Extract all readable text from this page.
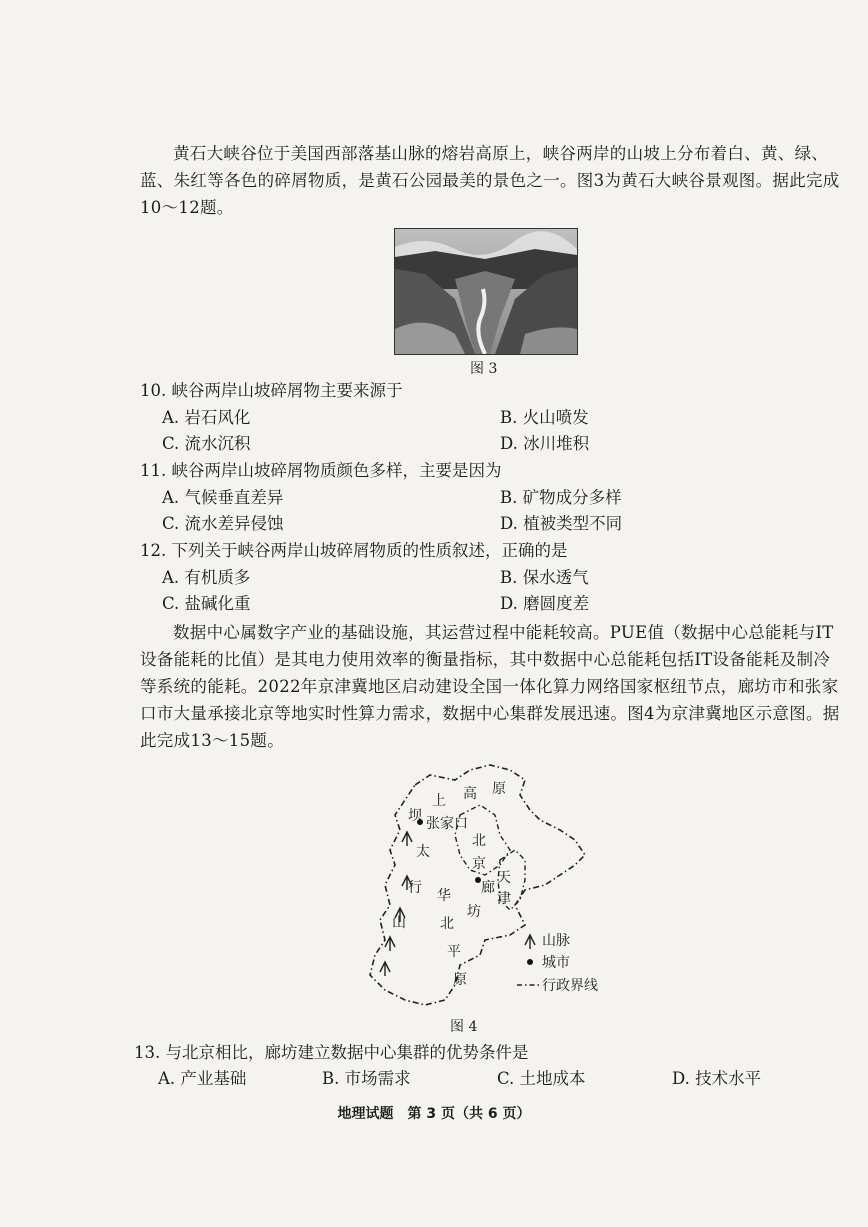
黄石大峡谷位于美国西部落基山脉的熔岩高原上，峡谷两岸的山坡上分布着白、黄、绿、蓝、朱红等各色的碎屑物质，是黄石公园最美的景色之一。图3为黄石大峡谷景观图。据此完成10～12题。

图 3
10. 峡谷两岸山坡碎屑物主要来源于
A. 岩石风化	B. 火山喷发
C. 流水沉积	D. 冰川堆积
11. 峡谷两岸山坡碎屑物质颜色多样，主要是因为
A. 气候垂直差异	B. 矿物成分多样
C. 流水差异侵蚀	D. 植被类型不同
12. 下列关于峡谷两岸山坡碎屑物质的性质叙述，正确的是
A. 有机质多	B. 保水透气
C. 盐碱化重	D. 磨圆度差

数据中心属数字产业的基础设施，其运营过程中能耗较高。PUE值（数据中心总能耗与IT设备能耗的比值）是其电力使用效率的衡量指标，其中数据中心总能耗包括IT设备能耗及制冷等系统的能耗。2022年京津冀地区启动建设全国一体化算力网络国家枢纽节点，廊坊市和张家口市大量承接北京等地实时性算力需求，数据中心集群发展迅速。图4为京津冀地区示意图。据此完成13～15题。

坝
上 高 原
张家口
北
京
太
行
山
天
津
华
北
平
原
廊
坊
山脉
城市
行政界线
图 4
13. 与北京相比，廊坊建立数据中心集群的优势条件是
A. 产业基础	B. 市场需求	C. 土地成本	D. 技术水平
地理试题　第 3 页（共 6 页）
